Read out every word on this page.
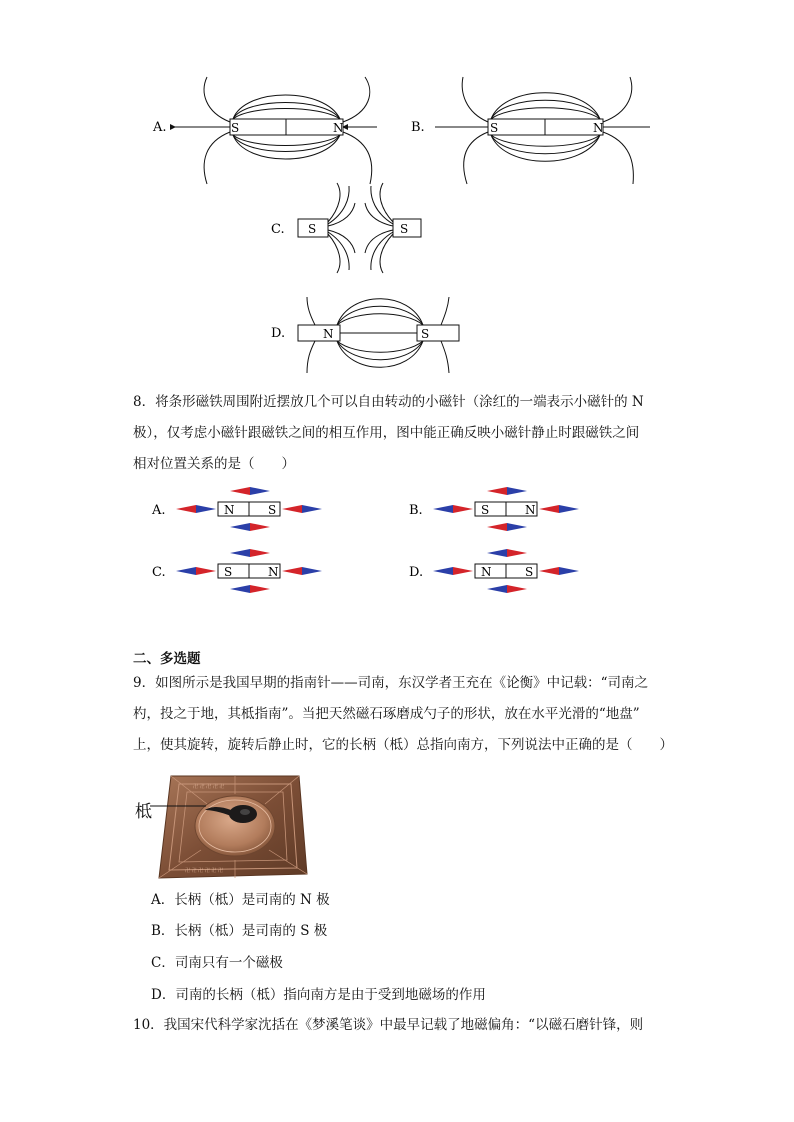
A.	S	N	B.	S	N
C. S	S
D.	N	S
8．将条形磁铁周围附近摆放几个可以自由转动的小磁针（涂红的一端表示小磁针的 N
极），仅考虑小磁针跟磁铁之间的相互作用，图中能正确反映小磁针静止时跟磁铁之间
相对位置关系的是（　　）
A.	N	S	B.	S	N
C.	S	N	D.	N	S
二、多选题
9．如图所示是我国早期的指南针——司南，东汉学者王充在《论衡》中记载：“司南之
杓，投之于地，其柢指南”。当把天然磁石琢磨成勺子的形状，放在水平光滑的“地盘”
上，使其旋转，旋转后静止时，它的长柄（柢）总指向南方，下列说法中正确的是（　　）
柢
卍 卍 卍 卍 卍
卍 卍 卍 卍 卍 卍
A．长柄（柢）是司南的 N 极
B．长柄（柢）是司南的 S 极
C．司南只有一个磁极
D．司南的长柄（柢）指向南方是由于受到地磁场的作用
10．我国宋代科学家沈括在《梦溪笔谈》中最早记载了地磁偏角：“以磁石磨针锋，则
